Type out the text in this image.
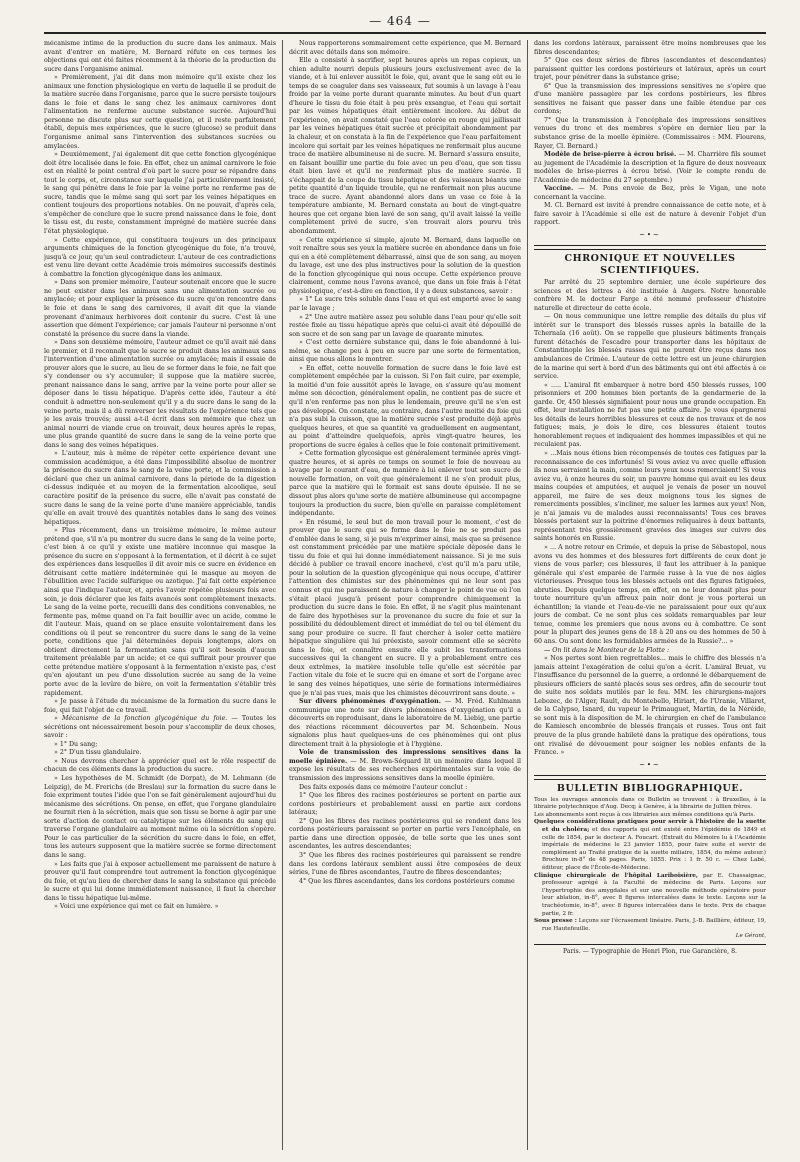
— 464 —

mécanisme intime de la production du sucre dans les animaux. Mais avant d'entrer en matière, M. Bernard réfute en ces termes les objections qui ont été faites récemment à la théorie de la production du sucre dans l'organisme animal.

» Premièrement, j'ai dit dans mon mémoire qu'il existe chez les animaux une fonction physiologique en vertu de laquelle il se produit de la matière sucrée dans l'organisme, parce que le sucre persiste toujours dans le foie et dans le sang chez les animaux carnivores dont l'alimentation ne renferme aucune substance sucrée. Aujourd'hui personne ne discute plus sur cette question, et il reste parfaitement établi, depuis mes expériences, que le sucre (glucose) se produit dans l'organisme animal sans l'intervention des substances sucrées ou amylacées.

» Deuxièmement, j'ai également dit que cette fonction glycogénique doit être localisée dans le foie. En effet, chez un animal carnivore le foie est en réalité le point central d'où part le sucre pour se répandre dans tout le corps, et, circonstance sur laquelle j'ai particulièrement insisté, le sang qui pénètre dans le foie par la veine porte ne renferme pas de sucre, tandis que le même sang qui sort par les veines hépatiques en contient toujours des proportions notables. On ne pouvait, d'après cela, s'empêcher de conclure que le sucre prend naissance dans le foie, dont le tissu est, du reste, constamment imprégné de matière sucrée dans l'état physiologique.

» Cette expérience, qui constituera toujours un des principaux arguments chimiques de la fonction glycogénique du foie, n'a trouvé, jusqu'à ce jour, qu'un seul contradicteur. L'auteur de ces contradictions est venu lire devant cette Académie trois mémoires successifs destinés à combattre la fonction glycogénique dans les animaux.

» Dans son premier mémoire, l'auteur soutenait encore que le sucre ne peut exister dans les animaux sans une alimentation sucrée ou amylacée; et pour expliquer la présence du sucre qu'on rencontre dans le foie et dans le sang des carnivores, il avait dit que la viande provenant d'animaux herbivores doit contenir du sucre. C'est là une assertion que dément l'expérience; car jamais l'auteur ni personne n'ont constaté la présence du sucre dans la viande.

» Dans son deuxième mémoire, l'auteur admet ce qu'il avait nié dans le premier, et il reconnaît que le sucre se produit dans les animaux sans l'intervention d'une alimentation sucrée ou amylacée; mais il essaie de prouver alors que le sucre, au lieu de se former dans le foie, ne fait que s'y condenser ou s'y accumuler; il suppose que la matière sucrée, prenant naissance dans le sang, arrive par la veine porte pour aller se déposer dans le tissu hépatique. D'après cette idée, l'auteur a été conduit à admettre non-seulement qu'il y a du sucre dans le sang de la veine porte, mais il a dû renverser les résultats de l'expérience tels que je les avais trouvés; aussi a-t-il écrit dans son mémoire que chez un animal nourri de viande crue on trouvait, deux heures après le repas, une plus grande quantité de sucre dans le sang de la veine porte que dans le sang des veines hépatiques.

» L'auteur, mis à même de répéter cette expérience devant une commission académique, a été dans l'impossibilité absolue de montrer la présence du sucre dans le sang de la veine porte, et la commission a déclaré que chez un animal carnivore, dans la période de la digestion ci-dessus indiquée et au moyen de la fermentation alcoolique, seul caractère positif de la présence du sucre, elle n'avait pas constaté de sucre dans le sang de la veine porte d'une manière appréciable, tandis qu'elle en avait trouvé des quantités notables dans le sang des veines hépatiques.

» Plus récemment, dans un troisième mémoire, le même auteur prétend que, s'il n'a pu montrer du sucre dans le sang de la veine porte, c'est bien à ce qu'il y existe une matière inconnue qui masque la présence du sucre en s'opposant à la fermentation, et il décrit à ce sujet des expériences dans lesquelles il dit avoir mis ce sucre en évidence en détruisant cette matière indéterminée qui le masque au moyen de l'ébullition avec l'acide sulfurique ou azotique. J'ai fait cette expérience ainsi que l'indique l'auteur, et, après l'avoir répétée plusieurs fois avec soin, je dois déclarer que les faits avancés sont complètement inexacts. Le sang de la veine porte, recueilli dans des conditions convenables, ne fermente pas, même quand on l'a fait bouillir avec un acide, comme le dit l'auteur. Mais, quand on se place ensuite volontairement dans les conditions où il peut se rencontrer du sucre dans le sang de la veine porte, conditions que j'ai déterminées depuis longtemps, alors on obtient directement la fermentation sans qu'il soit besoin d'aucun traitement préalable par un acide; et ce qui suffirait pour prouver que cette prétendue matière s'opposant à la fermentation n'existe pas, c'est qu'en ajoutant un peu d'une dissolution sucrée au sang de la veine porte avec de la levûre de bière, on voit la fermentation s'établir très rapidement.

» Je passe à l'étude du mécanisme de la formation du sucre dans le foie, qui fait l'objet de ce travail.

» Mécanisme de la fonction glycogénique du foie. — Toutes les sécrétions ont nécessairement besoin pour s'accomplir de deux choses, savoir :

» 1° Du sang;

» 2° D'un tissu glandulaire.

» Nous devrons chercher à apprécier quel est le rôle respectif de chacun de ces éléments dans la production du sucre.

» Les hypothèses de M. Schmidt (de Dorpat), de M. Lehmann (de Leipzig), de M. Frerichs (de Breslau) sur la formation du sucre dans le foie expriment toutes l'idée que l'on se fait généralement aujourd'hui du mécanisme des sécrétions. On pense, en effet, que l'organe glandulaire ne fournit rien à la sécrétion, mais que son tissu se borne à agir par une sorte d'action de contact ou catalytique sur les éléments du sang qui traverse l'organe glandulaire au moment même où la sécrétion s'opère. Pour le cas particulier de la sécrétion du sucre dans le foie, en effet, tous les auteurs supposent que la matière sucrée se forme directement dans le sang.

» Les faits que j'ai à exposer actuellement me paraissent de nature à prouver qu'il faut comprendre tout autrement la fonction glycogénique du foie, et qu'au lieu de chercher dans le sang la substance qui précède le sucre et qui lui donne immédiatement naissance, il faut la chercher dans le tissu hépatique lui-même.

» Voici une expérience qui met ce fait en lumière. »

Nous rapporterons sommairement cette expérience, que M. Bernard décrit avec détails dans son mémoire.

Elle a consisté à sacrifier, sept heures après un repas copieux, un chien adulte nourri depuis plusieurs jours exclusivement avec de la viande, et à lui enlever aussitôt le foie, qui, avant que le sang eût eu le temps de se coaguler dans ses vaisseaux, fut soumis à un lavage à l'eau froide par la veine porte durant quarante minutes. Au bout d'un quart d'heure le tissu du foie était à peu près exsangue, et l'eau qui sortait par les veines hépatiques était entièrement incolore. Au début de l'expérience, on avait constaté que l'eau colorée en rouge qui jaillissait par les veines hépatiques était sucrée et précipitait abondamment par la chaleur, et on constata à la fin de l'expérience que l'eau parfaitement incolore qui sortait par les veines hépatiques ne renfermait plus aucune trace de matière albumineuse ni de sucre. M. Bernard s'assura ensuite, en faisant bouillir une partie du foie avec un peu d'eau, que son tissu était bien lavé et qu'il ne renfermait plus de matière sucrée. Il s'échappait de la coupe du tissu hépatique et des vaisseaux béants une petite quantité d'un liquide trouble, qui ne renfermait non plus aucune trace de sucre. Ayant abandonné alors dans un vase ce foie à la température ambiante, M. Bernard constata au bout de vingt-quatre heures que cet organe bien lavé de son sang, qu'il avait laissé la veille complètement privé de sucre, s'en trouvait alors pourvu très abondamment.

« Cette expérience si simple, ajoute M. Bernard, dans laquelle on voit renaître sous ses yeux la matière sucrée en abondance dans un foie qui en a été complètement débarrassé, ainsi que de son sang, au moyen du lavage, est une des plus instructives pour la solution de la question de la fonction glycogénique qui nous occupe. Cette expérience prouve clairement, comme nous l'avons avancé, que dans un foie frais à l'état physiologique, c'est-à-dire en fonction, il y a deux substances, savoir :

» 1° Le sucre très soluble dans l'eau et qui est emporté avec le sang par le lavage ;

» 2° Une autre matière assez peu soluble dans l'eau pour qu'elle soit restée fixée au tissu hépatique après que celui-ci avait été dépouillé de son sucre et de son sang par un lavage de quarante minutes.

» C'est cette dernière substance qui, dans le foie abandonné à lui-même, se change peu à peu en sucre par une sorte de fermentation, ainsi que nous allons le montrer.

» En effet, cette nouvelle formation de sucre dans le foie lavé est complètement empêchée par la cuisson. Si l'on fait cuire, par exemple, la moitié d'un foie aussitôt après le lavage, on s'assure qu'au moment même son décoction, généralement opalin, ne contient pas de sucre et qu'il n'en renferme pas non plus le lendemain, preuve qu'il ne s'en est pas développé. On constate, au contraire, dans l'autre moitié du foie qui n'a pas subi la cuisson, que la matière sucrée s'est produite déjà après quelques heures, et que sa quantité va graduellement en augmentant, au point d'atteindre quelquefois, après vingt-quatre heures, les proportions de sucre égales à celles que le foie contenait primitivement.

» Cette formation glycosique est généralement terminée après vingt-quatre heures, et si après ce temps on soumet le foie de nouveau au lavage par le courant d'eau, de manière à lui enlever tout son sucre de nouvelle formation, on voit que généralement il ne s'en produit plus, parce que la matière qui le formait est sans doute épuisée. Il ne se dissout plus alors qu'une sorte de matière albumineuse qui accompagne toujours la production du sucre, bien qu'elle en paraisse complètement indépendante.

» En résumé, le seul but de mon travail pour le moment, c'est de prouver que le sucre qui se forme dans le foie ne se produit pas d'emblée dans le sang, si je puis m'exprimer ainsi, mais que sa présence est constamment précédée par une matière spéciale déposée dans le tissu du foie et qui lui donne immédiatement naissance. Si je me suis décidé à publier ce travail encore inachevé, c'est qu'il m'a paru utile, pour la solution de la question glycogénique qui nous occupe, d'attirer l'attention des chimistes sur des phénomènes qui ne leur sont pas connus et qui me paraissent de nature à changer le point de vue où l'on s'était placé jusqu'à présent pour comprendre chimiquement la production du sucre dans le foie. En effet, il ne s'agit plus maintenant de faire des hypothèses sur la provenance du sucre du foie et sur la possibilité du dédoublement direct et immédiat de tel ou tel élément du sang pour produire ce sucre. Il faut chercher à isoler cette matière hépatique singulière qui lui préexiste, savoir comment elle se sécrète dans le foie, et connaître ensuite elle subit les transformations successives qui la changent en sucre. Il y a probablement entre ces deux extrêmes, la matière insoluble telle qu'elle est sécrétée par l'action vitale du foie et le sucre qui en émane et sort de l'organe avec le sang des veines hépatiques, une série de formations intermédiaires que je n'ai pas vues, mais que les chimistes découvriront sans doute. »

Sur divers phénomènes d'oxygénation. — M. Fréd. Kuhlmann communique une note sur divers phénomènes d'oxygénation qu'il a découverts en reproduisant, dans le laboratoire de M. Liebig, une partie des réactions récemment découvertes par M. Schœnbein. Nous signalons plus haut quelques-uns de ces phénomènes qui ont plus directement trait à la physiologie et à l'hygiène.

Voie de transmission des impressions sensitives dans la moelle épinière. — M. Brown-Séquard lit un mémoire dans lequel il expose les résultats de ses recherches expérimentales sur la voie de transmission des impressions sensitives dans la moelle épinière.

Des faits exposés dans ce mémoire l'auteur conclut :

1° Que les fibres des racines postérieures se portent en partie aux cordons postérieurs et probablement aussi en partie aux cordons latéraux;

2° Que les fibres des racines postérieures qui se rendent dans les cordons postérieurs paraissent se porter en partie vers l'encéphale, en partie dans une direction opposée, de telle sorte que les unes sont ascendantes, les autres descendantes;

3° Que les fibres des racines postérieures qui paraissent se rendre dans les cordons latéraux semblent aussi être composées de deux séries, l'une de fibres ascendantes, l'autre de fibres descendantes;

4° Que les fibres ascendantes, dans les cordons postérieurs comme

dans les cordons latéraux, paraissent être moins nombreuses que les fibres descendantes;

5° Que ces deux séries de fibres (ascendantes et descendantes) paraissent quitter les cordons postérieurs et latéraux, après un court trajet, pour pénétrer dans la substance grise;

6° Que la transmission des impressions sensitives ne s'opère que d'une manière passagère par les cordons postérieurs, les fibres sensitives ne faisant que passer dans une faible étendue par ces cordons;

7° Que la transmission à l'encéphale des impressions sensitives venues du tronc et des membres s'opère en dernier lieu par la substance grise de la moelle épinière. (Commissaires : MM. Flourens, Rayer, Cl. Bernard.)

Modèle de brise-pierre à écrou brisé. — M. Charrière fils soumet au jugement de l'Académie la description et la figure de deux nouveaux modèles de brise-pierres à écrou brisé. (Voir le compte rendu de l'Académie de médecine du 27 septembre.)

Vaccine. — M. Pons envoie de Bez, près le Vigan, une note concernant la vaccine.

M. Cl. Bernard est invité à prendre connaissance de cette note, et à faire savoir à l'Académie si elle est de nature à devenir l'objet d'un rapport.

~•~
CHRONIQUE ET NOUVELLES SCIENTIFIQUES.

Par arrêté du 25 septembre dernier, une école supérieure des sciences et des lettres a été instituée à Angers. Notre honorable confrère M. le docteur Farge a été nommé professeur d'histoire naturelle et directeur de cette école.

— On nous communique une lettre remplie des détails du plus vif intérêt sur le transport des blessés russes après la bataille de la Tchernaïa (16 août). On se rappelle que plusieurs bâtiments français furent détachés de l'escadre pour transporter dans les hôpitaux de Constantinople les blessés russes qui ne purent être reçus dans nos ambulances de Crimée. L'auteur de cette lettre est un jeune chirurgien de la marine qui sert à bord d'un des bâtiments qui ont été affectés à ce service.

« ..... L'amiral fit embarquer à notre bord 450 blessés russes, 100 prisonniers et 200 hommes bien portants de la gendarmerie de la garde. Or, 450 blessés signifiaient pour nous une grande occupation. En effet, leur installation ne fut pas une petite affaire. Je vous épargnerai les détails de leurs horribles blessures et ceux de nos travaux et de nos fatigues; mais, je dois le dire, ces blessures étaient toutes honorablement reçues et indiquaient des hommes impassibles et qui ne reculaient pas.

» ...Mais nous étions bien récompensés de toutes ces fatigues par la reconnaissance de ces infortunés! Si vous aviez vu avec quelle effusion ils nous serraient la main, comme leurs yeux nous remerciaient! Si vous aviez vu, à onze heures du soir, un pauvre homme qui avait eu les deux mains coupées et amputées, et auquel je venais de poser un nouvel appareil, me faire de ses deux moignons tous les signes de remerciments possibles, s'incliner, me saluer les larmes aux yeux! Non, je n'ai jamais vu de malades aussi reconnaissants! Tous ces braves blessés portaient sur la poitrine d'énormes reliquaires à deux battants, représentant très grossièrement gravées des images sur cuivre des saints honorés en Russie.

» ... A notre retour en Crimée, et depuis la prise de Sébastopol, nous avons vu des hommes et des blessures fort différents de ceux dont je viens de vous parler; ces blessures, il faut les attribuer à la panique générale qui s'est emparée de l'armée russe à la vue de nos aigles victorieuses. Presque tous les blessés actuels ont des figures fatiguées, abruties. Depuis quelque temps, en effet, on ne leur donnait plus pour toute nourriture qu'un affreux pain noir dont je vous porterai un échantillon; la viande et l'eau-de-vie ne paraissaient pour eux qu'aux jours de combat. Ce ne sont plus ces soldats remarquables par leur tenue, comme les premiers que nous avons eu à combattre. Ce sont pour la plupart des jeunes gens de 18 à 20 ans ou des hommes de 50 à 60 ans. Ou sont donc les formidables armées de la Russie?... »

— On lit dans le Moniteur de la Flotte :

« Nos pertes sont bien regrettables... mais le chiffre des blessés n'a jamais atteint l'exagération de celui qu'on a écrit. L'amiral Bruat, vu l'insuffisance du personnel de la guerre, a ordonné le débarquement de plusieurs officiers de santé placés sous ses ordres, afin de secourir tout de suite nos soldats mutilés par le feu. MM. les chirurgiens-majors Lebozec, de l'Alger, Rault, du Montebello, Hiriart, de l'Uranie, Villaret, de la Calypso, Isnard, du vapeur le Primauguet, Martin, de la Néréide, se sont mis à la disposition de M. le chirurgien en chef de l'ambulance de Kamiesch encombrée de blessés français et russes. Tous ont fait preuve de la plus grande habileté dans la pratique des opérations, tous ont rivalisé de dévouement pour soigner les nobles enfants de la France. »

~•~
BULLETIN BIBLIOGRAPHIQUE.

Tous les ouvrages annoncés dans ce Bulletin se trouvent : à Bruxelles, à la librairie polytechnique d'Aug. Decq; à Genève, à la librairie de Jullien frères.

Les abonnements sont reçus à ces librairies aux mêmes conditions qu'à Paris.

Quelques considérations pratiques pour servir à l'histoire de la suette et du choléra; et des rapports qui ont existé entre l'épidémie de 1849 et celle de 1854, par le docteur A. Foucart. (Extrait du Mémoire lu à l'Académie impériale de médecine le 23 janvier 1855, pour faire suite et servir de complément au Traité pratique de la suette miliaire, 1854, du même auteur.) Brochure in-8° de 48 pages. Paris, 1855. Prix : 1 fr. 50 c. — Chez Labé, éditeur, place de l'École-de-Médecine.

Clinique chirurgicale de l'hôpital Lariboisière, par E. Chassaignac, professeur agrégé à la Faculté de médecine de Paris. Leçons sur l'hypertrophie des amygdales et sur une nouvelle méthode opératoire pour leur ablation, in-8°, avec 8 figures intercalées dans le texte. Leçons sur la trachéotomie, in-8°, avec 8 figures intercalées dans le texte. Prix de chaque partie, 2 fr.

Sous presse : Leçons sur l'écrasement linéaire. Paris, J.-B. Baillière, éditeur, 19, rue Hautefeuille.

Le Gérant,
Paris. — Typographie de Henri Plon, rue Garancière, 8.
